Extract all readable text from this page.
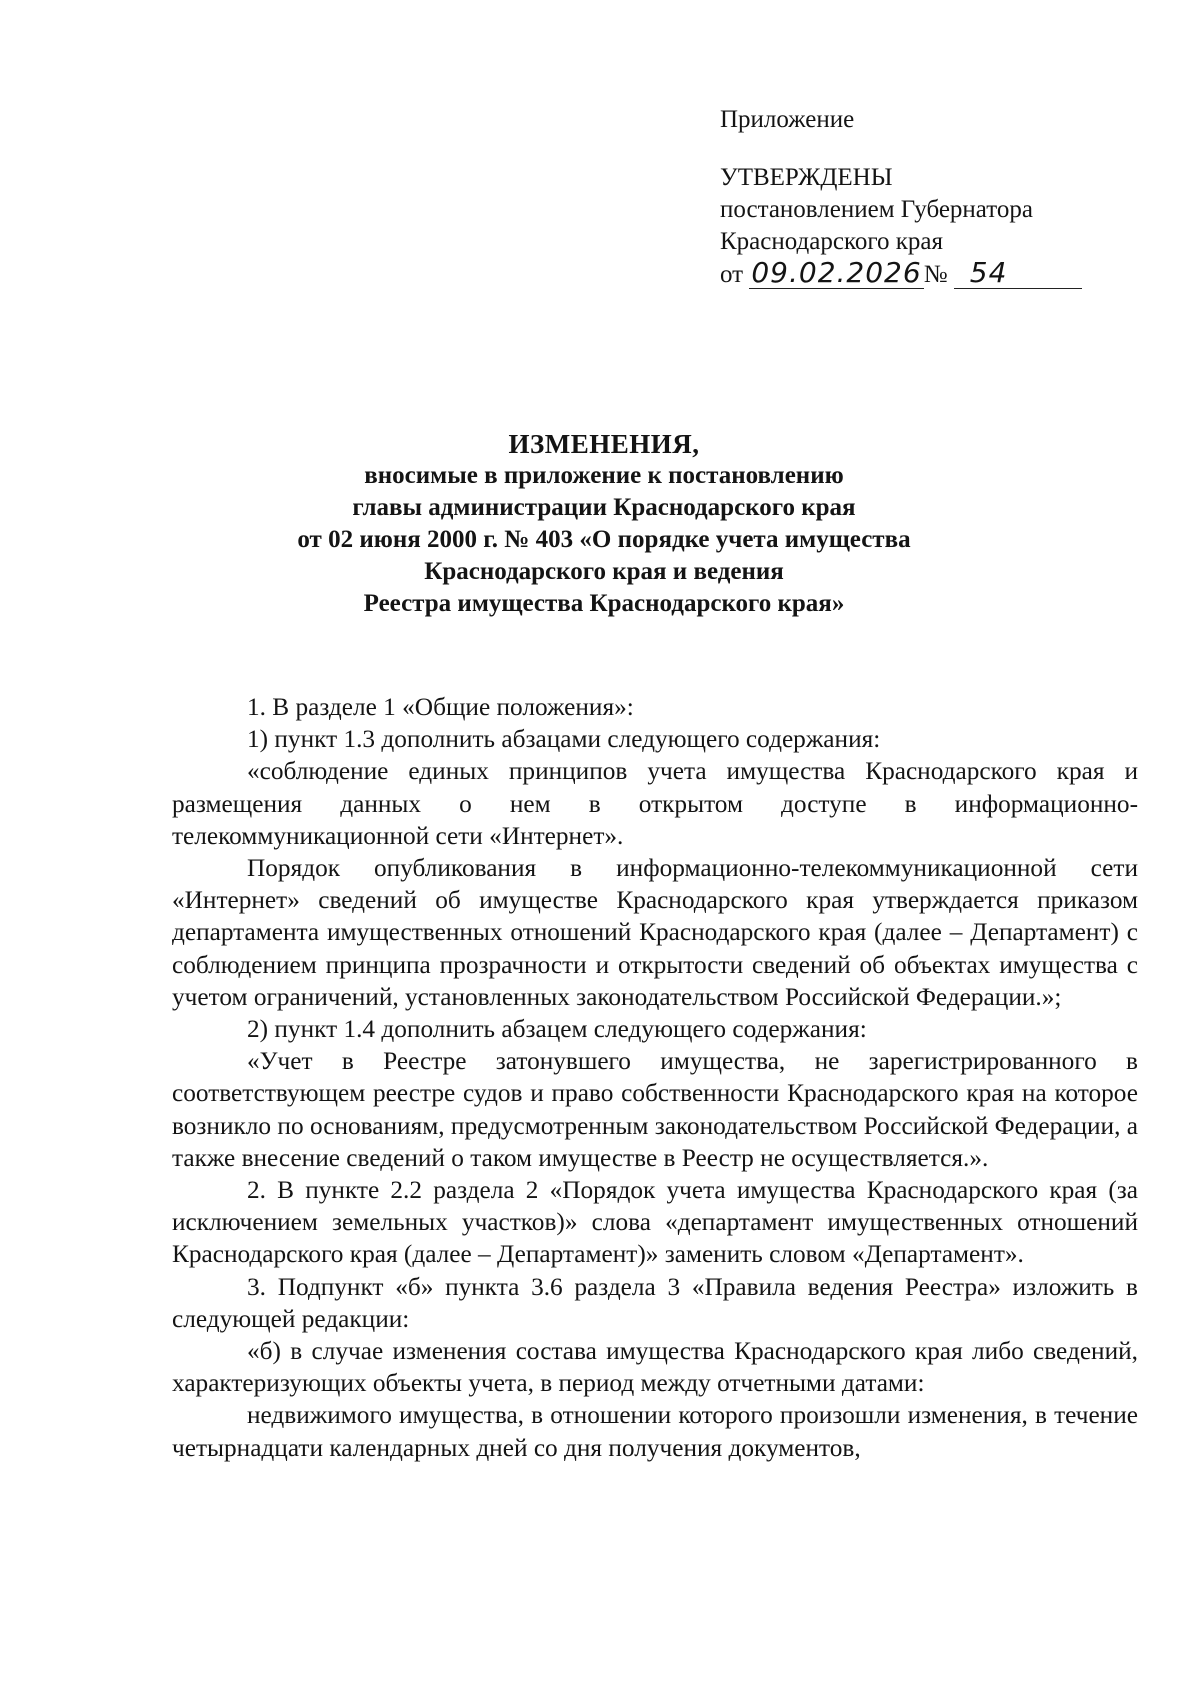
Приложение
УТВЕРЖДЕНЫ
постановлением Губернатора
Краснодарского края
от 09.02.2026№ 54
ИЗМЕНЕНИЯ,
вносимые в приложение к постановлению
главы администрации Краснодарского края
от 02 июня 2000 г. № 403 «О порядке учета имущества
Краснодарского края и ведения
Реестра имущества Краснодарского края»

1. В разделе 1 «Общие положения»:

1) пункт 1.3 дополнить абзацами следующего содержания:

«соблюдение единых принципов учета имущества Краснодарского края и размещения данных о нем в открытом доступе в информационно-телекоммуникационной сети «Интернет».

Порядок опубликования в информационно-телекоммуникационной сети «Интернет» сведений об имуществе Краснодарского края утверждается приказом департамента имущественных отношений Краснодарского края (далее – Департамент) с соблюдением принципа прозрачности и открытости сведений об объектах имущества с учетом ограничений, установленных законодательством Российской Федерации.»;

2) пункт 1.4 дополнить абзацем следующего содержания:

«Учет в Реестре затонувшего имущества, не зарегистрированного в соответствующем реестре судов и право собственности Краснодарского края на которое возникло по основаниям, предусмотренным законодательством Российской Федерации, а также внесение сведений о таком имуществе в Реестр не осуществляется.».

2. В пункте 2.2 раздела 2 «Порядок учета имущества Краснодарского края (за исключением земельных участков)» слова «департамент имущественных отношений Краснодарского края (далее – Департамент)» заменить словом «Департамент».

3. Подпункт «б» пункта 3.6 раздела 3 «Правила ведения Реестра» изложить в следующей редакции:

«б) в случае изменения состава имущества Краснодарского края либо сведений, характеризующих объекты учета, в период между отчетными датами:

недвижимого имущества, в отношении которого произошли изменения, в течение четырнадцати календарных дней со дня получения документов,
